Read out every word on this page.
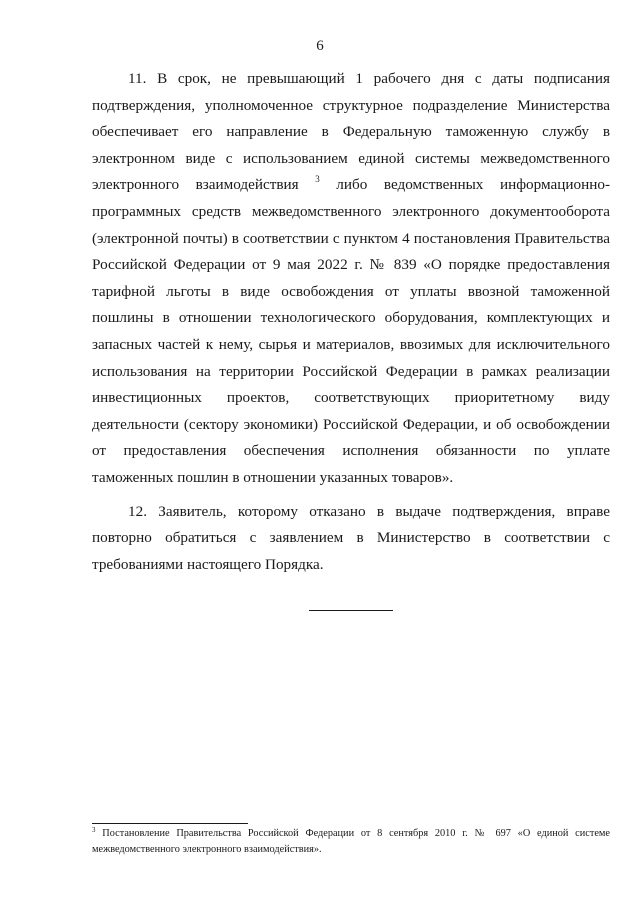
6

11. В срок, не превышающий 1 рабочего дня с даты подписания подтверждения, уполномоченное структурное подразделение Министерства обеспечивает его направление в Федеральную таможенную службу в электронном виде с использованием единой системы межведомственного электронного взаимодействия $^3$ либо ведомственных информационно-программных средств межведомственного электронного документооборота (электронной почты) в соответствии с пунктом 4 постановления Правительства Российской Федерации от 9 мая 2022 г. № 839 «О порядке предоставления тарифной льготы в виде освобождения от уплаты ввозной таможенной пошлины в отношении технологического оборудования, комплектующих и запасных частей к нему, сырья и материалов, ввозимых для исключительного использования на территории Российской Федерации в рамках реализации инвестиционных проектов, соответствующих приоритетному виду деятельности (сектору экономики) Российской Федерации, и об освобождении от предоставления обеспечения исполнения обязанности по уплате таможенных пошлин в отношении указанных товаров».

12. Заявитель, которому отказано в выдаче подтверждения, вправе повторно обратиться с заявлением в Министерство в соответствии с требованиями настоящего Порядка.

$^3$ Постановление Правительства Российской Федерации от 8 сентября 2010 г. № 697 «О единой системе межведомственного электронного взаимодействия».
